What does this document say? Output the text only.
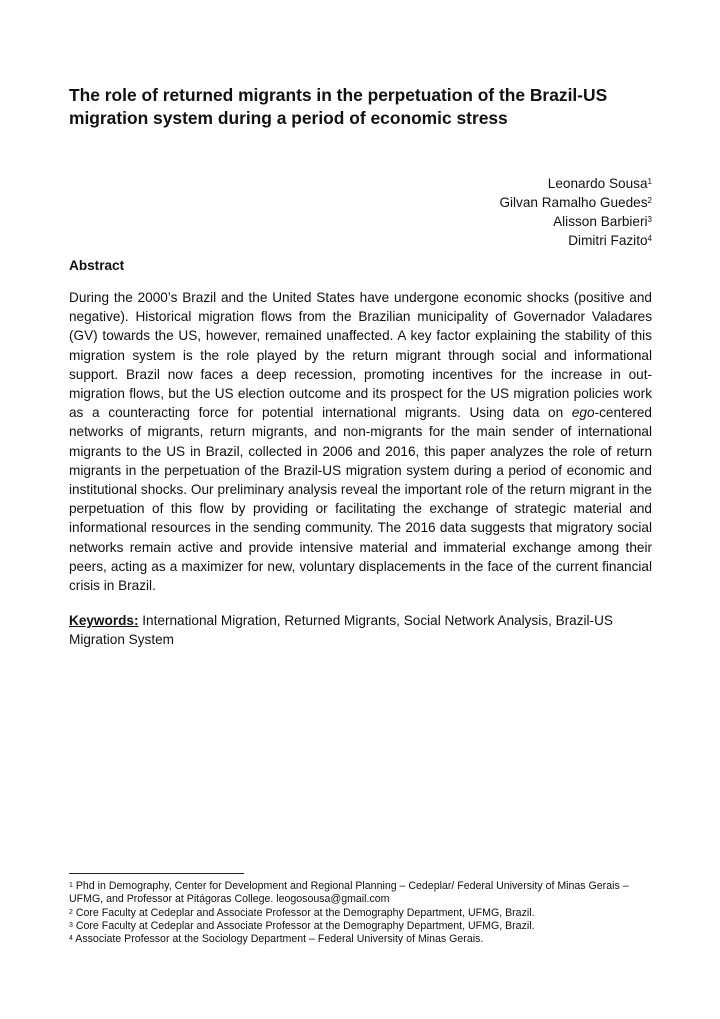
The role of returned migrants in the perpetuation of the Brazil-US migration system during a period of economic stress
Leonardo Sousa$^1$
Gilvan Ramalho Guedes$^2$
Alisson Barbieri$^3$
Dimitri Fazito$^4$
Abstract

During the 2000’s Brazil and the United States have undergone economic shocks (positive and negative). Historical migration flows from the Brazilian municipality of Governador Valadares (GV) towards the US, however, remained unaffected. A key factor explaining the stability of this migration system is the role played by the return migrant through social and informational support. Brazil now faces a deep recession, promoting incentives for the increase in out-migration flows, but the US election outcome and its prospect for the US migration policies work as a counteracting force for potential international migrants. Using data on ego-centered networks of migrants, return migrants, and non-migrants for the main sender of international migrants to the US in Brazil, collected in 2006 and 2016, this paper analyzes the role of return migrants in the perpetuation of the Brazil-US migration system during a period of economic and institutional shocks. Our preliminary analysis reveal the important role of the return migrant in the perpetuation of this flow by providing or facilitating the exchange of strategic material and informational resources in the sending community. The 2016 data suggests that migratory social networks remain active and provide intensive material and immaterial exchange among their peers, acting as a maximizer for new, voluntary displacements in the face of the current financial crisis in Brazil.

Keywords: International Migration, Returned Migrants, Social Network Analysis, Brazil-US Migration System

$^1$ Phd in Demography, Center for Development and Regional Planning – Cedeplar/ Federal University of Minas Gerais – UFMG, and Professor at Pitágoras College. leogosousa@gmail.com

$^2$ Core Faculty at Cedeplar and Associate Professor at the Demography Department, UFMG, Brazil.

$^3$ Core Faculty at Cedeplar and Associate Professor at the Demography Department, UFMG, Brazil.

$^4$ Associate Professor at the Sociology Department – Federal University of Minas Gerais.
